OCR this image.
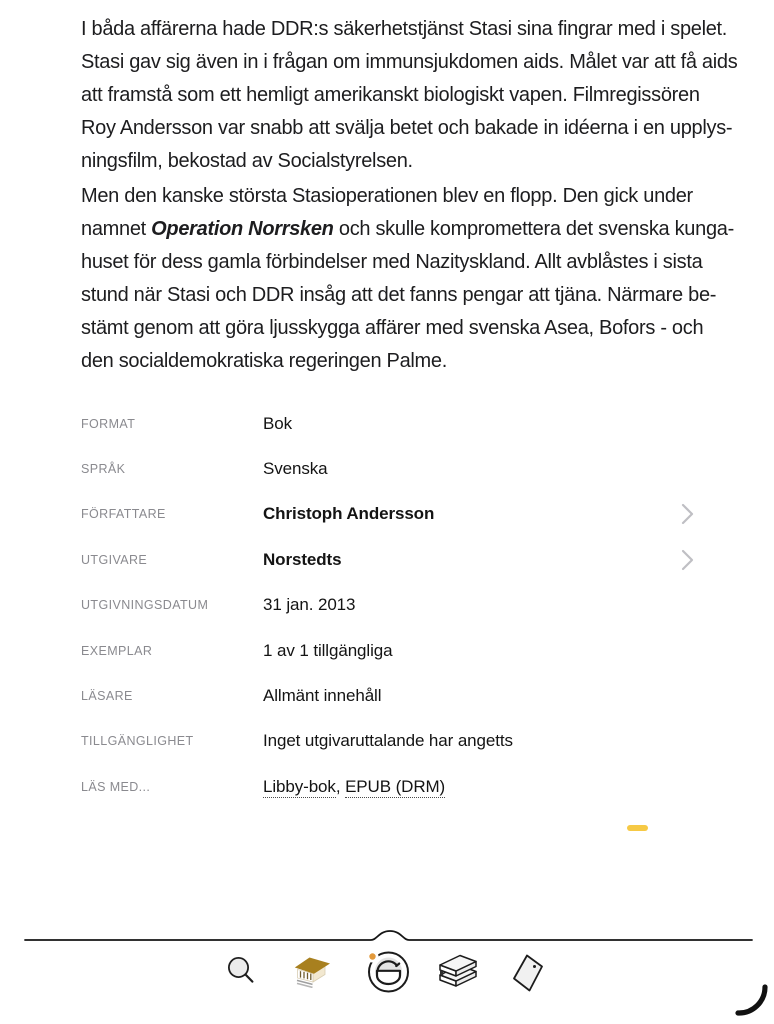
I båda affärerna hade DDR:s säkerhetstjänst Stasi sina fingrar med i spelet.
Stasi gav sig även in i frågan om immunsjukdomen aids. Målet var att få aids
att framstå som ett hemligt amerikanskt biologiskt vapen. Filmregissören
Roy Andersson var snabb att svälja betet och bakade in idéerna i en upplys-
ningsfilm, bekostad av Socialstyrelsen.
Men den kanske största Stasioperationen blev en flopp. Den gick under
namnet Operation Norrsken och skulle kompromettera det svenska kunga-
huset för dess gamla förbindelser med Nazityskland. Allt avblåstes i sista
stund när Stasi och DDR insåg att det fanns pengar att tjäna. Närmare be-
stämt genom att göra ljusskygga affärer med svenska Asea, Bofors - och
den socialdemokratiska regeringen Palme.
FORMAT	Bok
SPRÅK	Svenska
FÖRFATTARE	Christoph Andersson
UTGIVARE	Norstedts
UTGIVNINGSDATUM	31 jan. 2013
EXEMPLAR	1 av 1 tillgängliga
LÄSARE	Allmänt innehåll
TILLGÄNGLIGHET	Inget utgivaruttalande har angetts
LÄS MED...	Libby-bok, EPUB (DRM)
